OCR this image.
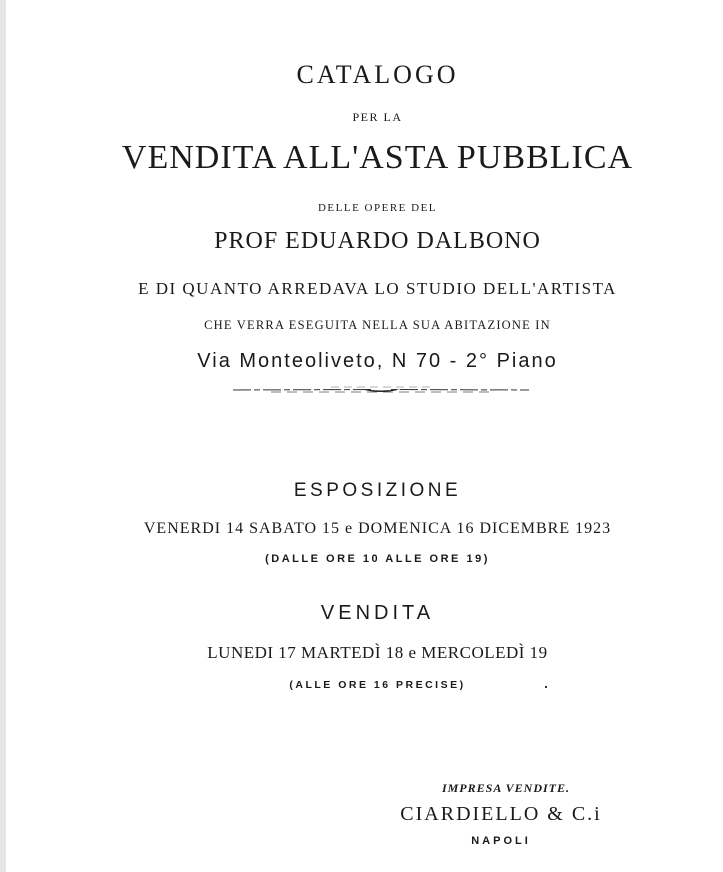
CATALOGO
PER LA
VENDITA ALL'ASTA PUBBLICA
DELLE OPERE DEL
PROF EDUARDO DALBONO
E DI QUANTO ARREDAVA LO STUDIO DELL'ARTISTA
CHE VERRA ESEGUITA NELLA SUA ABITAZIONE IN
Via Monteoliveto, N 70 - 2° Piano
ESPOSIZIONE
VENERDI 14 SABATO 15 e DOMENICA 16 DICEMBRE 1923
(DALLE ORE 10 ALLE ORE 19)
VENDITA
LUNEDI 17 MARTEDÌ 18 e MERCOLEDÌ 19
(ALLE ORE 16 PRECISE)
IMPRESA VENDITE.
CIARDIELLO & C.i
NAPOLI
